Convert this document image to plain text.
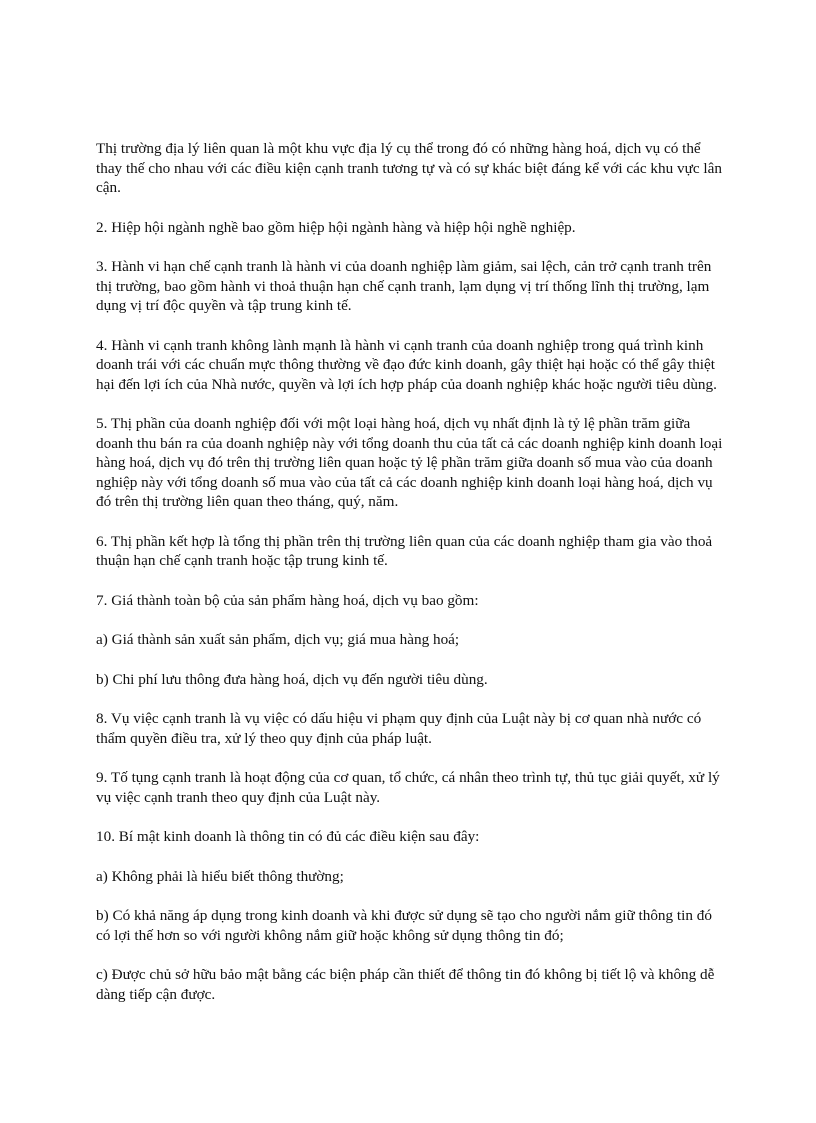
Thị trường địa lý liên quan là một khu vực địa lý cụ thể trong đó có những hàng hoá, dịch vụ có thể thay thế cho nhau với các điều kiện cạnh tranh tương tự và có sự khác biệt đáng kể với các khu vực lân cận.

2. Hiệp hội ngành nghề bao gồm hiệp hội ngành hàng và hiệp hội nghề nghiệp.

3. Hành vi hạn chế cạnh tranh là hành vi của doanh nghiệp làm giảm, sai lệch, cản trở cạnh tranh trên thị trường, bao gồm hành vi thoả thuận hạn chế cạnh tranh, lạm dụng vị trí thống lĩnh thị trường, lạm dụng vị trí độc quyền và tập trung kinh tế.

4. Hành vi cạnh tranh không lành mạnh là hành vi cạnh tranh của doanh nghiệp trong quá trình kinh doanh trái với các chuẩn mực thông thường về đạo đức kinh doanh, gây thiệt hại hoặc có thể gây thiệt hại đến lợi ích của Nhà nước, quyền và lợi ích hợp pháp của doanh nghiệp khác hoặc người tiêu dùng.

5. Thị phần của doanh nghiệp đối với một loại hàng hoá, dịch vụ nhất định là tỷ lệ phần trăm giữa doanh thu bán ra của doanh nghiệp này với tổng doanh thu của tất cả các doanh nghiệp kinh doanh loại hàng hoá, dịch vụ đó trên thị trường liên quan hoặc tỷ lệ phần trăm giữa doanh số mua vào của doanh nghiệp này với tổng doanh số mua vào của tất cả các doanh nghiệp kinh doanh loại hàng hoá, dịch vụ đó trên thị trường liên quan theo tháng, quý, năm.

6. Thị phần kết hợp là tổng thị phần trên thị trường liên quan của các doanh nghiệp tham gia vào thoả thuận hạn chế cạnh tranh hoặc tập trung kinh tế.

7. Giá thành toàn bộ của sản phẩm hàng hoá, dịch vụ bao gồm:

a) Giá thành sản xuất sản phẩm, dịch vụ; giá mua hàng hoá;

b) Chi phí lưu thông đưa hàng hoá, dịch vụ đến người tiêu dùng.

8. Vụ việc cạnh tranh là vụ việc có dấu hiệu vi phạm quy định của Luật này bị cơ quan nhà nước có thẩm quyền điều tra, xử lý theo quy định của pháp luật.

9. Tố tụng cạnh tranh là hoạt động của cơ quan, tổ chức, cá nhân theo trình tự, thủ tục giải quyết, xử lý vụ việc cạnh tranh theo quy định của Luật này.

10. Bí mật kinh doanh là thông tin có đủ các điều kiện sau đây:

a) Không phải là hiểu biết thông thường;

b) Có khả năng áp dụng trong kinh doanh và khi được sử dụng sẽ tạo cho người nắm giữ thông tin đó có lợi thế hơn so với người không nắm giữ hoặc không sử dụng thông tin đó;

c) Được chủ sở hữu bảo mật bằng các biện pháp cần thiết để thông tin đó không bị tiết lộ và không dễ dàng tiếp cận được.
